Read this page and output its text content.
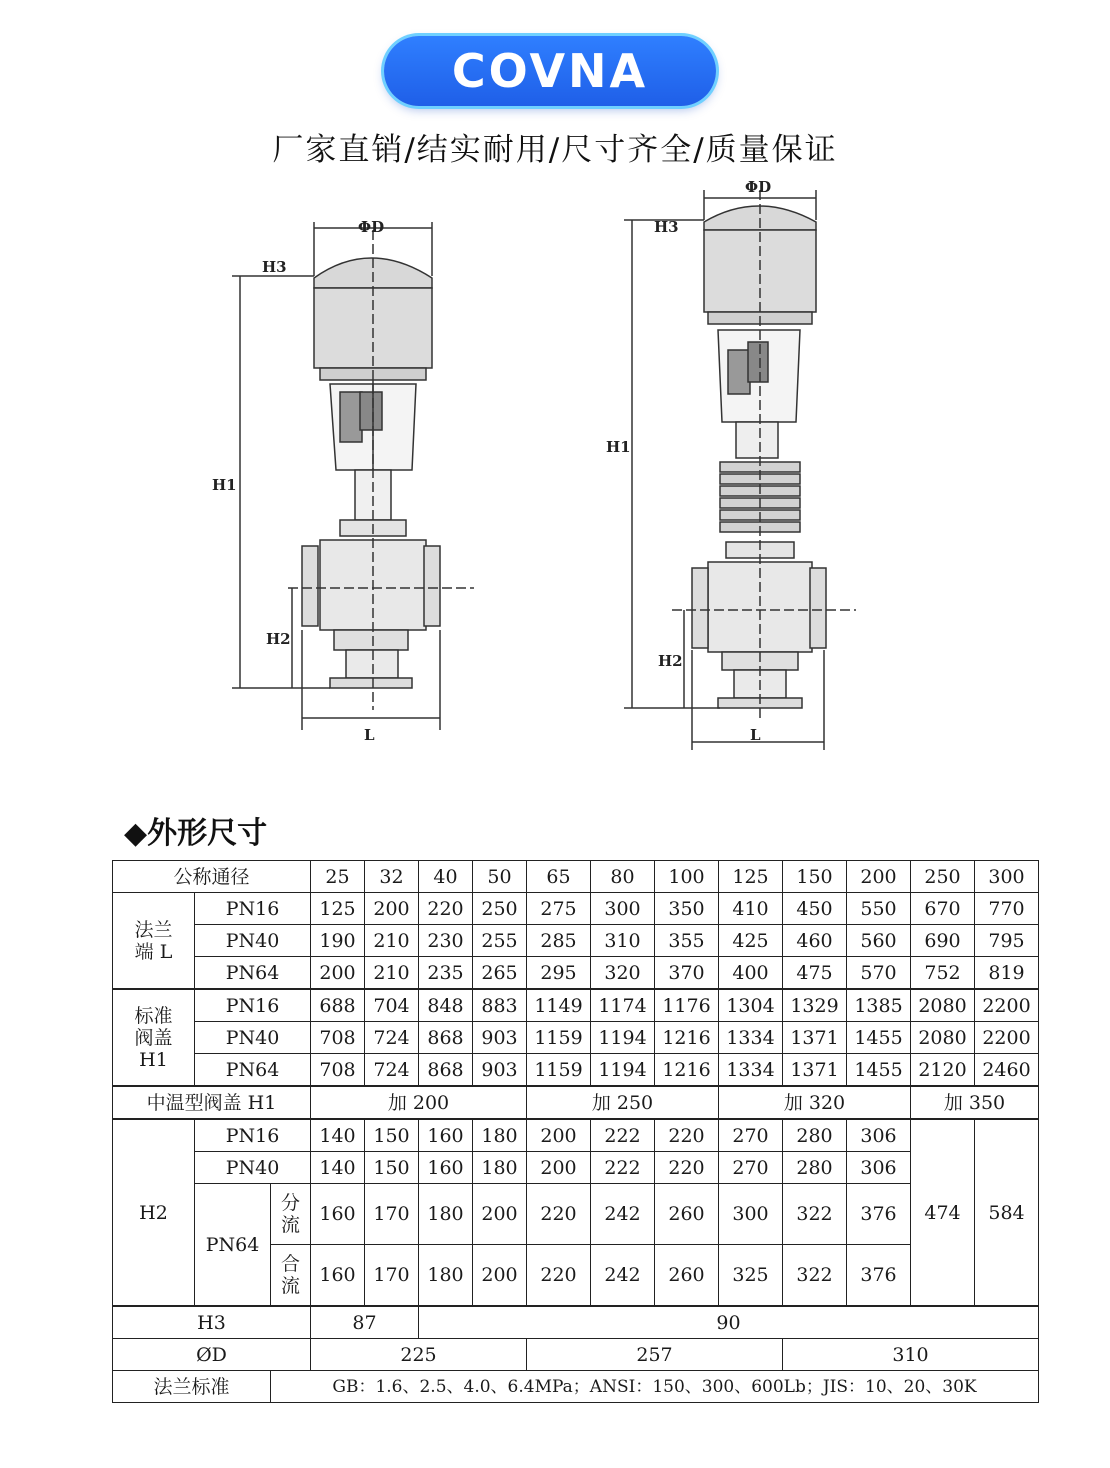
COVNA
厂家直销/结实耐用/尺寸齐全/质量保证
ΦD
H3
H1
H2
L
ΦD
H3
H1
H2
L
◆外形尺寸
公称通径			25	32	40	50	65	80	100	125	150	200	250	300
法兰
端 L	PN16		125	200	220	250	275	300	350	410	450	550	670	770
	PN40		190	210	230	255	285	310	355	425	460	560	690	795
	PN64		200	210	235	265	295	320	370	400	475	570	752	819
标准
阀盖
H1	PN16		688	704	848	883	1149	1174	1176	1304	1329	1385	2080	2200
	PN40		708	724	868	903	1159	1194	1216	1334	1371	1455	2080	2200
	PN64		708	724	868	903	1159	1194	1216	1334	1371	1455	2120	2460
中温型阀盖 H1			加 200				加 250			加 320			加 350	
H2	PN16		140	150	160	180	200	222	220	270	280	306	474	584
	PN40		140	150	160	180	200	222	220	270	280	306		
	PN64	分
流	160	170	180	200	220	242	260	300	322	376		
		合
流	160	170	180	200	220	242	260	325	322	376		
H3			87		90									
ØD			225				257				310			
法兰标准		GB：1.6、2.5、4.0、6.4MPa；ANSI：150、300、600Lb；JIS：10、20、30K												
